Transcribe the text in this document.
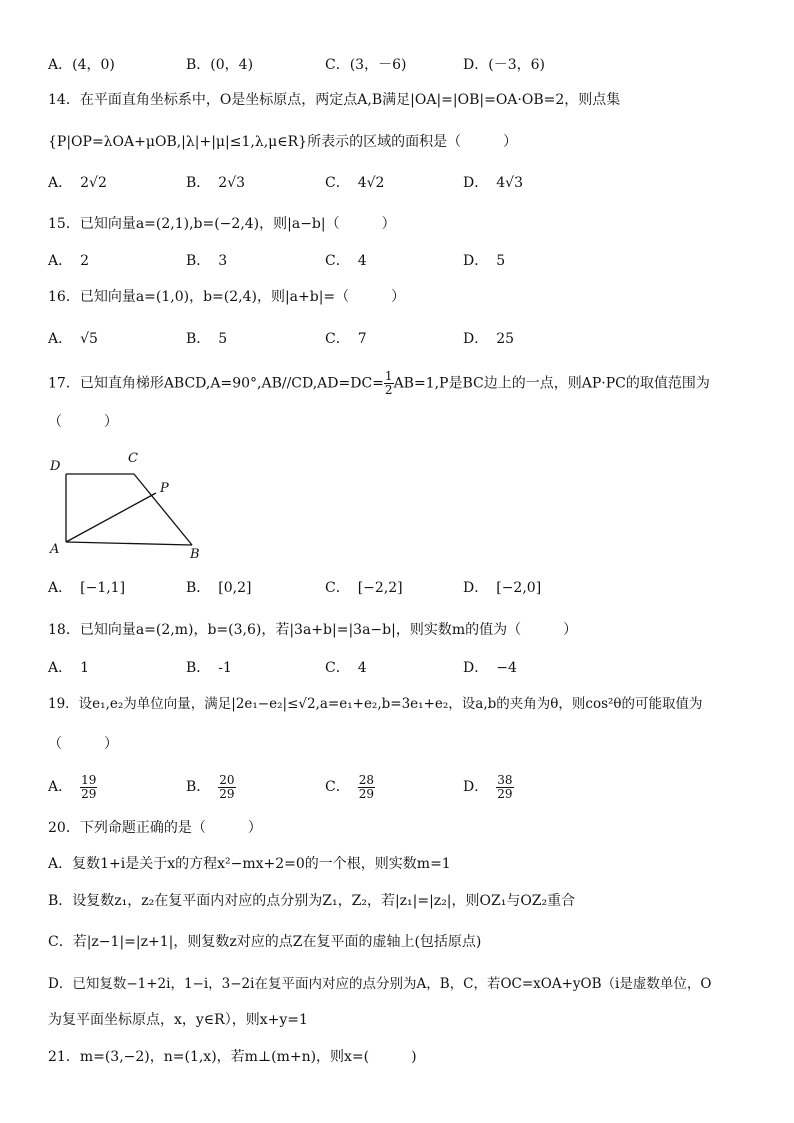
A．(4，0)	B．(0，4)	C．(3，－6)	D．(－3，6)
14．在平面直角坐标系中，O是坐标原点，两定点A,B满足|OA|=|OB|=OA·OB=2，则点集
{P|OP=λOA+μOB,|λ|+|μ|≤1,λ,μ∈R}所表示的区域的面积是（　　　）
A． 2√2	B． 2√3	C． 4√2	D． 4√3
15．已知向量a=(2,1),b=(−2,4)，则|a−b|（　　　）
A． 2	B． 3	C． 4	D． 5
16．已知向量a=(1,0)，b=(2,4)，则|a+b|=（　　　）
A． √5	B． 5	C． 7	D． 25
17．已知直角梯形ABCD,A=90°,AB//CD,AD=DC= $\frac{1}{2} AB=1,P$是BC边上的一点，则AP·PC的取值范围为
（　　　）
D
C
P
A	B
A． [−1,1]	B． [0,2]	C． [−2,2]	D． [−2,0]
18．已知向量a=(2,m)，b=(3,6)，若|3a+b|=|3a−b|，则实数m的值为（　　　）
A． 1	B． -1	C． 4	D． −4
19．设e₁,e₂为单位向量，满足|2e₁−e₂|≤√2,a=e₁+e₂,b=3e₁+e₂，设a,b的夹角为θ，则cos²θ的可能取值为
（　　　）
A． $\frac{19}{29}$	B． $\frac{20}{29}$	C． $\frac{28}{29}$	D． $\frac{38}{29}$
20．下列命题正确的是（　　　）
A．复数1+i是关于x的方程x²−mx+2=0的一个根，则实数m=1
B．设复数z₁，z₂在复平面内对应的点分别为Z₁，Z₂，若|z₁|=|z₂|，则OZ₁与OZ₂重合
C．若|z−1|=|z+1|，则复数z对应的点Z在复平面的虚轴上(包括原点)
D．已知复数−1+2i，1−i，3−2i在复平面内对应的点分别为A，B，C，若OC=xOA+yOB（i是虚数单位，O
为复平面坐标原点，x，y∈R），则x+y=1
21．m=(3,−2)，n=(1,x)，若m⊥(m+n)，则x=(　　　)
